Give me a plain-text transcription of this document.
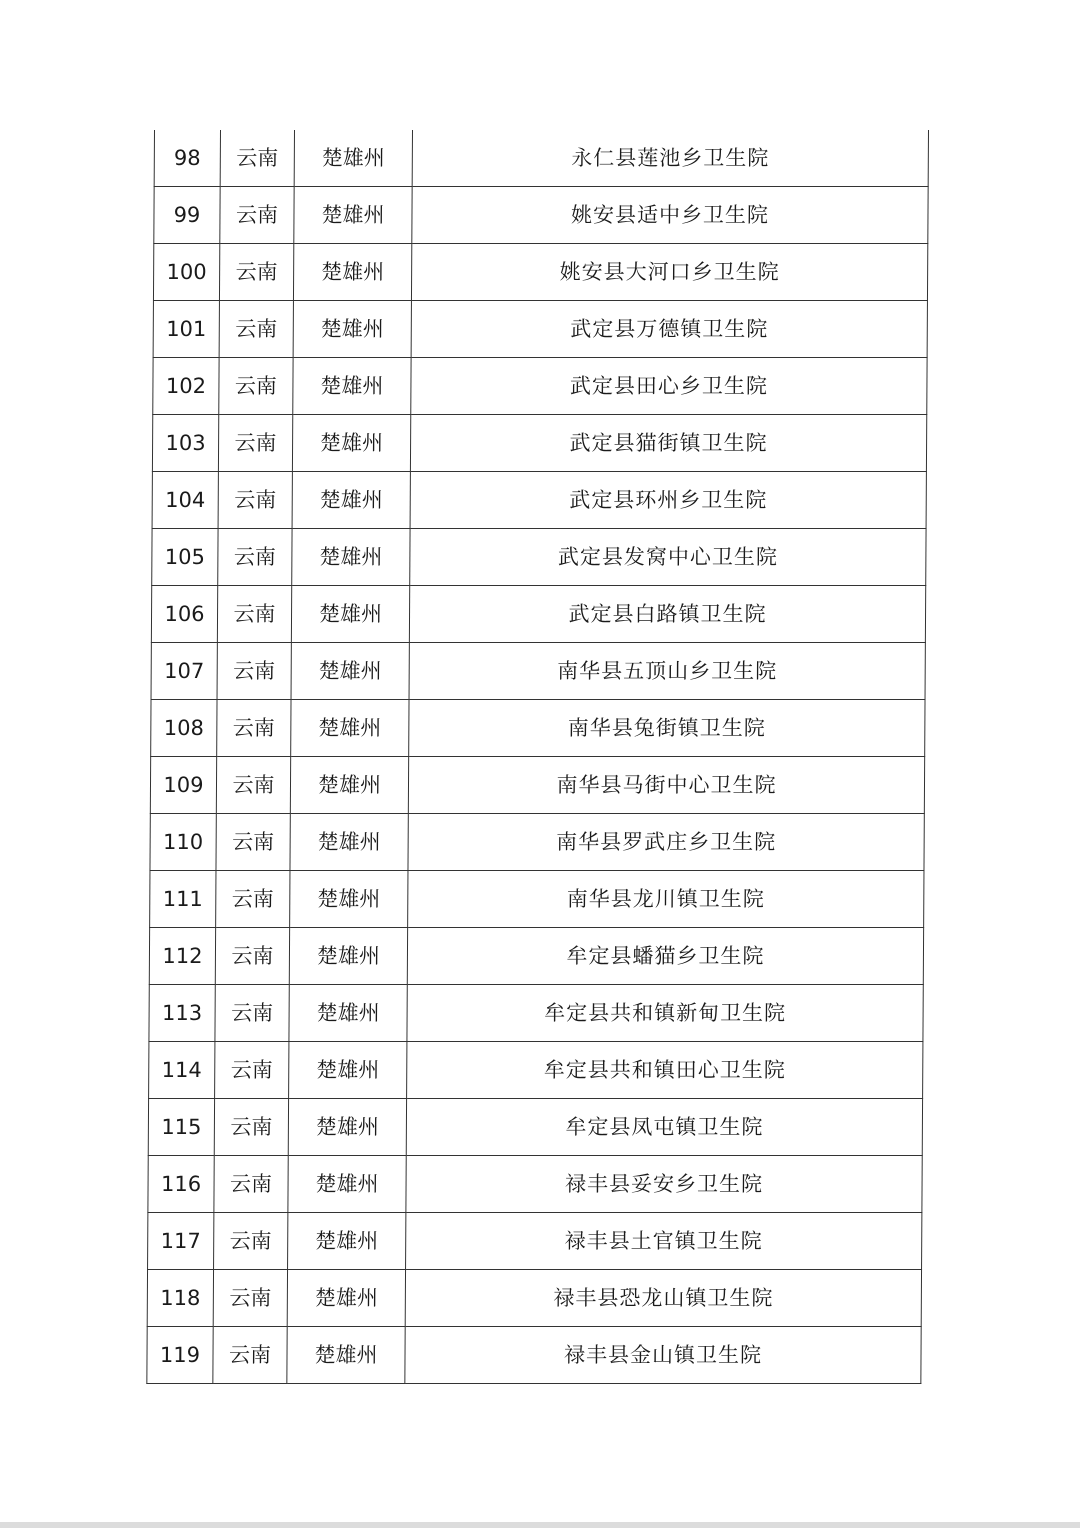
98	云南	楚雄州	永仁县莲池乡卫生院
99	云南	楚雄州	姚安县适中乡卫生院
100	云南	楚雄州	姚安县大河口乡卫生院
101	云南	楚雄州	武定县万德镇卫生院
102	云南	楚雄州	武定县田心乡卫生院
103	云南	楚雄州	武定县猫街镇卫生院
104	云南	楚雄州	武定县环州乡卫生院
105	云南	楚雄州	武定县发窝中心卫生院
106	云南	楚雄州	武定县白路镇卫生院
107	云南	楚雄州	南华县五顶山乡卫生院
108	云南	楚雄州	南华县兔街镇卫生院
109	云南	楚雄州	南华县马街中心卫生院
110	云南	楚雄州	南华县罗武庄乡卫生院
111	云南	楚雄州	南华县龙川镇卫生院
112	云南	楚雄州	牟定县蟠猫乡卫生院
113	云南	楚雄州	牟定县共和镇新甸卫生院
114	云南	楚雄州	牟定县共和镇田心卫生院
115	云南	楚雄州	牟定县凤屯镇卫生院
116	云南	楚雄州	禄丰县妥安乡卫生院
117	云南	楚雄州	禄丰县土官镇卫生院
118	云南	楚雄州	禄丰县恐龙山镇卫生院
119	云南	楚雄州	禄丰县金山镇卫生院
